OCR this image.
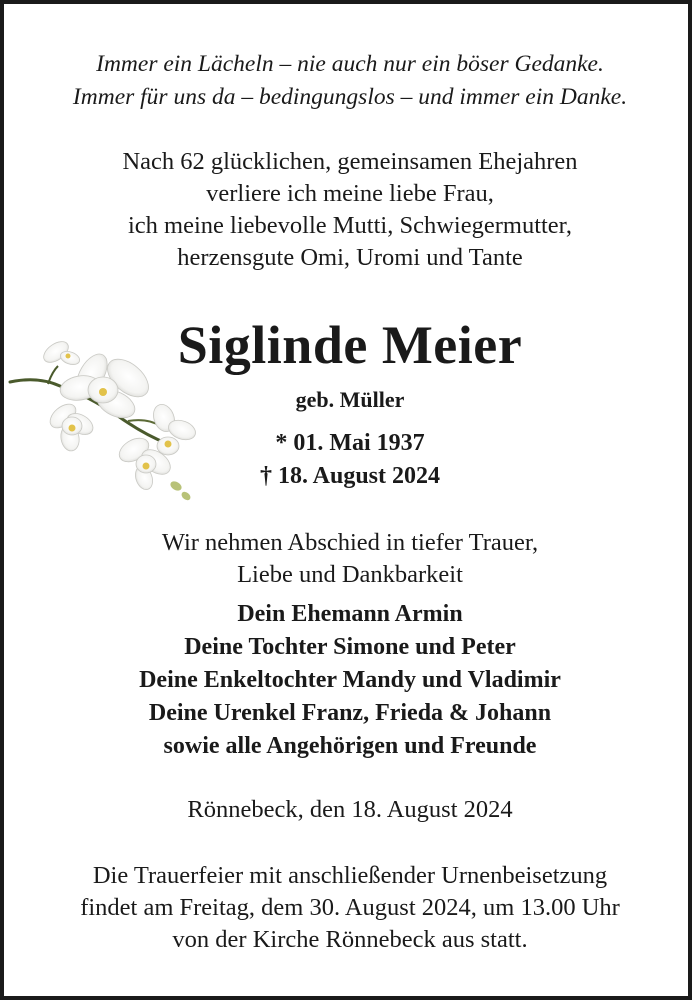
Immer ein Lächeln – nie auch nur ein böser Gedanke.
Immer für uns da – bedingungslos – und immer ein Danke.
Nach 62 glücklichen, gemeinsamen Ehejahren
verliere ich meine liebe Frau,
ich meine liebevolle Mutti, Schwiegermutter,
herzensgute Omi, Uromi und Tante
Siglinde Meier
geb. Müller
* 01. Mai 1937
† 18. August 2024
Wir nehmen Abschied in tiefer Trauer,
Liebe und Dankbarkeit
Dein Ehemann Armin
Deine Tochter Simone und Peter
Deine Enkeltochter Mandy und Vladimir
Deine Urenkel Franz, Frieda & Johann
sowie alle Angehörigen und Freunde
Rönnebeck, den 18. August 2024
Die Trauerfeier mit anschließender Urnenbeisetzung
findet am Freitag, dem 30. August 2024, um 13.00 Uhr
von der Kirche Rönnebeck aus statt.
